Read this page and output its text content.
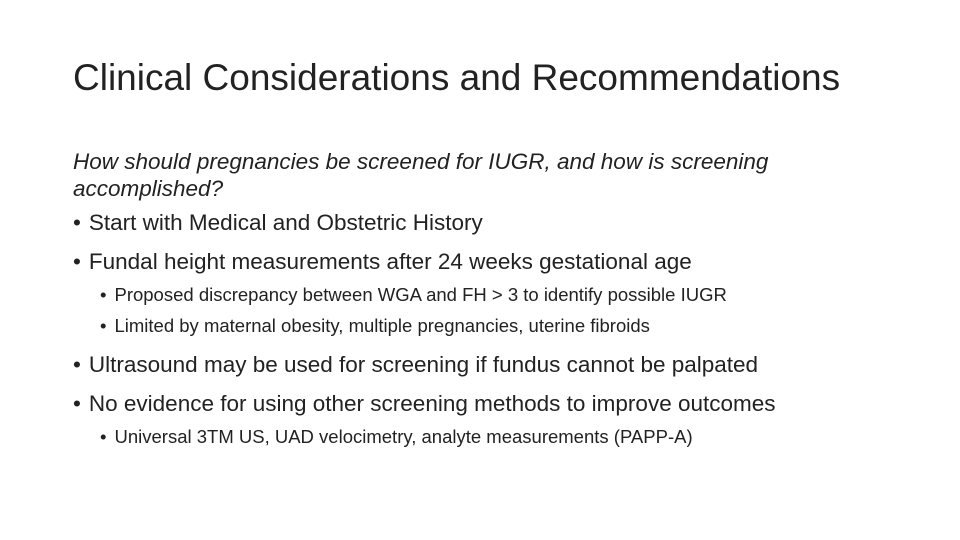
Clinical Considerations and Recommendations

How should pregnancies be screened for IUGR, and how is screening accomplished?

• Start with Medical and Obstetric History
• Fundal height measurements after 24 weeks gestational age
• Proposed discrepancy between WGA and FH > 3 to identify possible IUGR
• Limited by maternal obesity, multiple pregnancies, uterine fibroids
• Ultrasound may be used for screening if fundus cannot be palpated
• No evidence for using other screening methods to improve outcomes
• Universal 3TM US, UAD velocimetry, analyte measurements (PAPP-A)
